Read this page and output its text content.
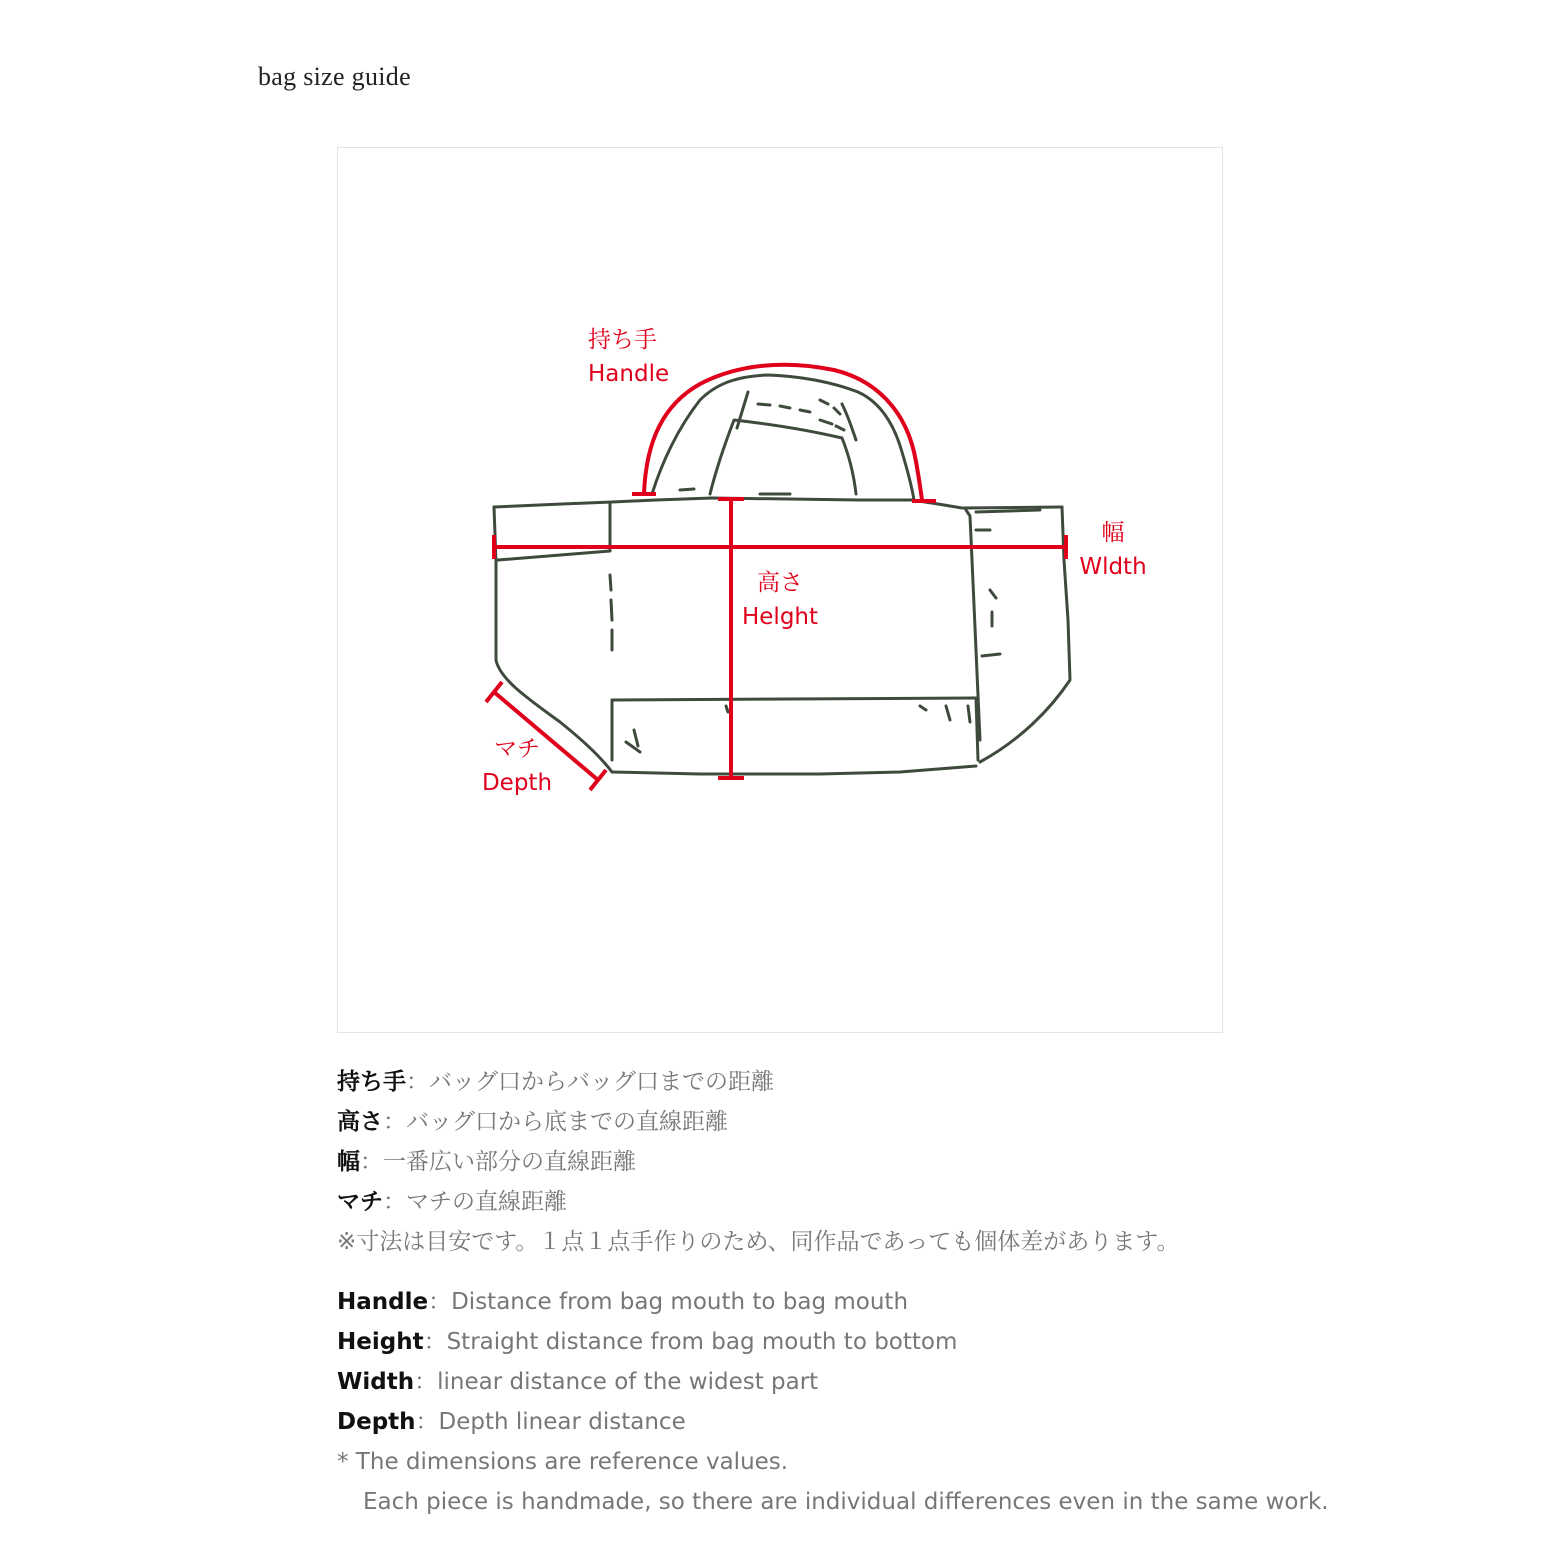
bag size guide
持ち手
Handle
高さ
Helght
幅
Wldth
マチ
Depth
持ち手：バッグ口からバッグ口までの距離
高さ：バッグ口から底までの直線距離
幅：一番広い部分の直線距離
マチ：マチの直線距離
※寸法は目安です。１点１点手作りのため、同作品であっても個体差があります。
Handle：Distance from bag mouth to bag mouth
Height：Straight distance from bag mouth to bottom
Width：linear distance of the widest part
Depth：Depth linear distance
* The dimensions are reference values.
Each piece is handmade, so there are individual differences even in the same work.
